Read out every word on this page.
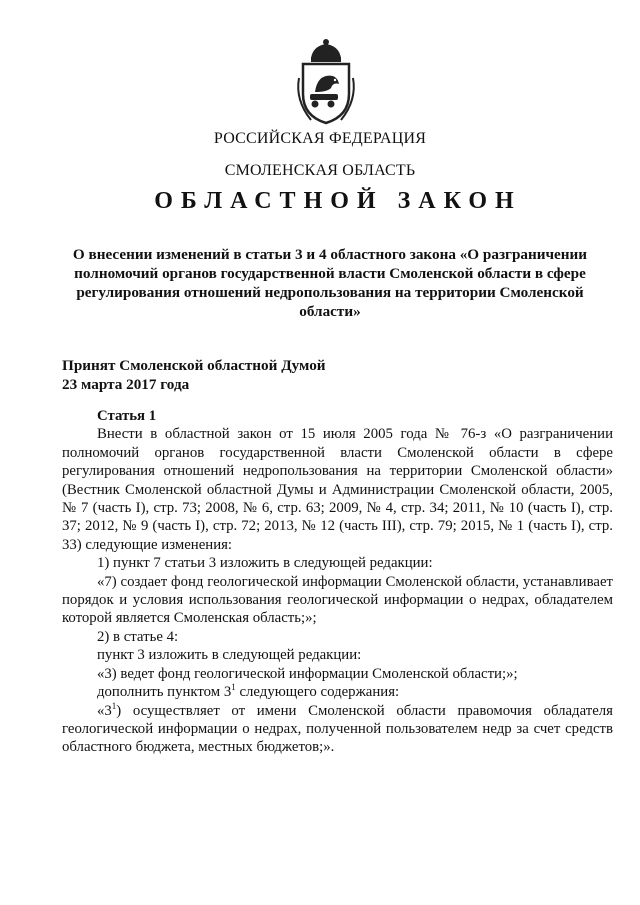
РОССИЙСКАЯ ФЕДЕРАЦИЯ
СМОЛЕНСКАЯ ОБЛАСТЬ
ОБЛАСТНОЙ ЗАКОН
О внесении изменений в статьи 3 и 4 областного закона «О разграничении полномочий органов государственной власти Смоленской области в сфере регулирования отношений недропользования на территории Смоленской области»
Принят Смоленской областной Думой
23 марта 2017 года

Статья 1

Внести в областной закон от 15 июля 2005 года № 76-з «О разграничении полномочий органов государственной власти Смоленской области в сфере регулирования отношений недропользования на территории Смоленской области» (Вестник Смоленской областной Думы и Администрации Смоленской области, 2005, № 7 (часть I), стр. 73; 2008, № 6, стр. 63; 2009, № 4, стр. 34; 2011, № 10 (часть I), стр. 37; 2012, № 9 (часть I), стр. 72; 2013, № 12 (часть III), стр. 79; 2015, № 1 (часть I), стр. 33) следующие изменения:

1) пункт 7 статьи 3 изложить в следующей редакции:

«7) создает фонд геологической информации Смоленской области, устанавливает порядок и условия использования геологической информации о недрах, обладателем которой является Смоленская область;»;

2) в статье 4:

пункт 3 изложить в следующей редакции:

«3) ведет фонд геологической информации Смоленской области;»;

дополнить пунктом $3^1$ следующего содержания:

«$3^1$) осуществляет от имени Смоленской области правомочия обладателя геологической информации о недрах, полученной пользователем недр за счет средств областного бюджета, местных бюджетов;».
